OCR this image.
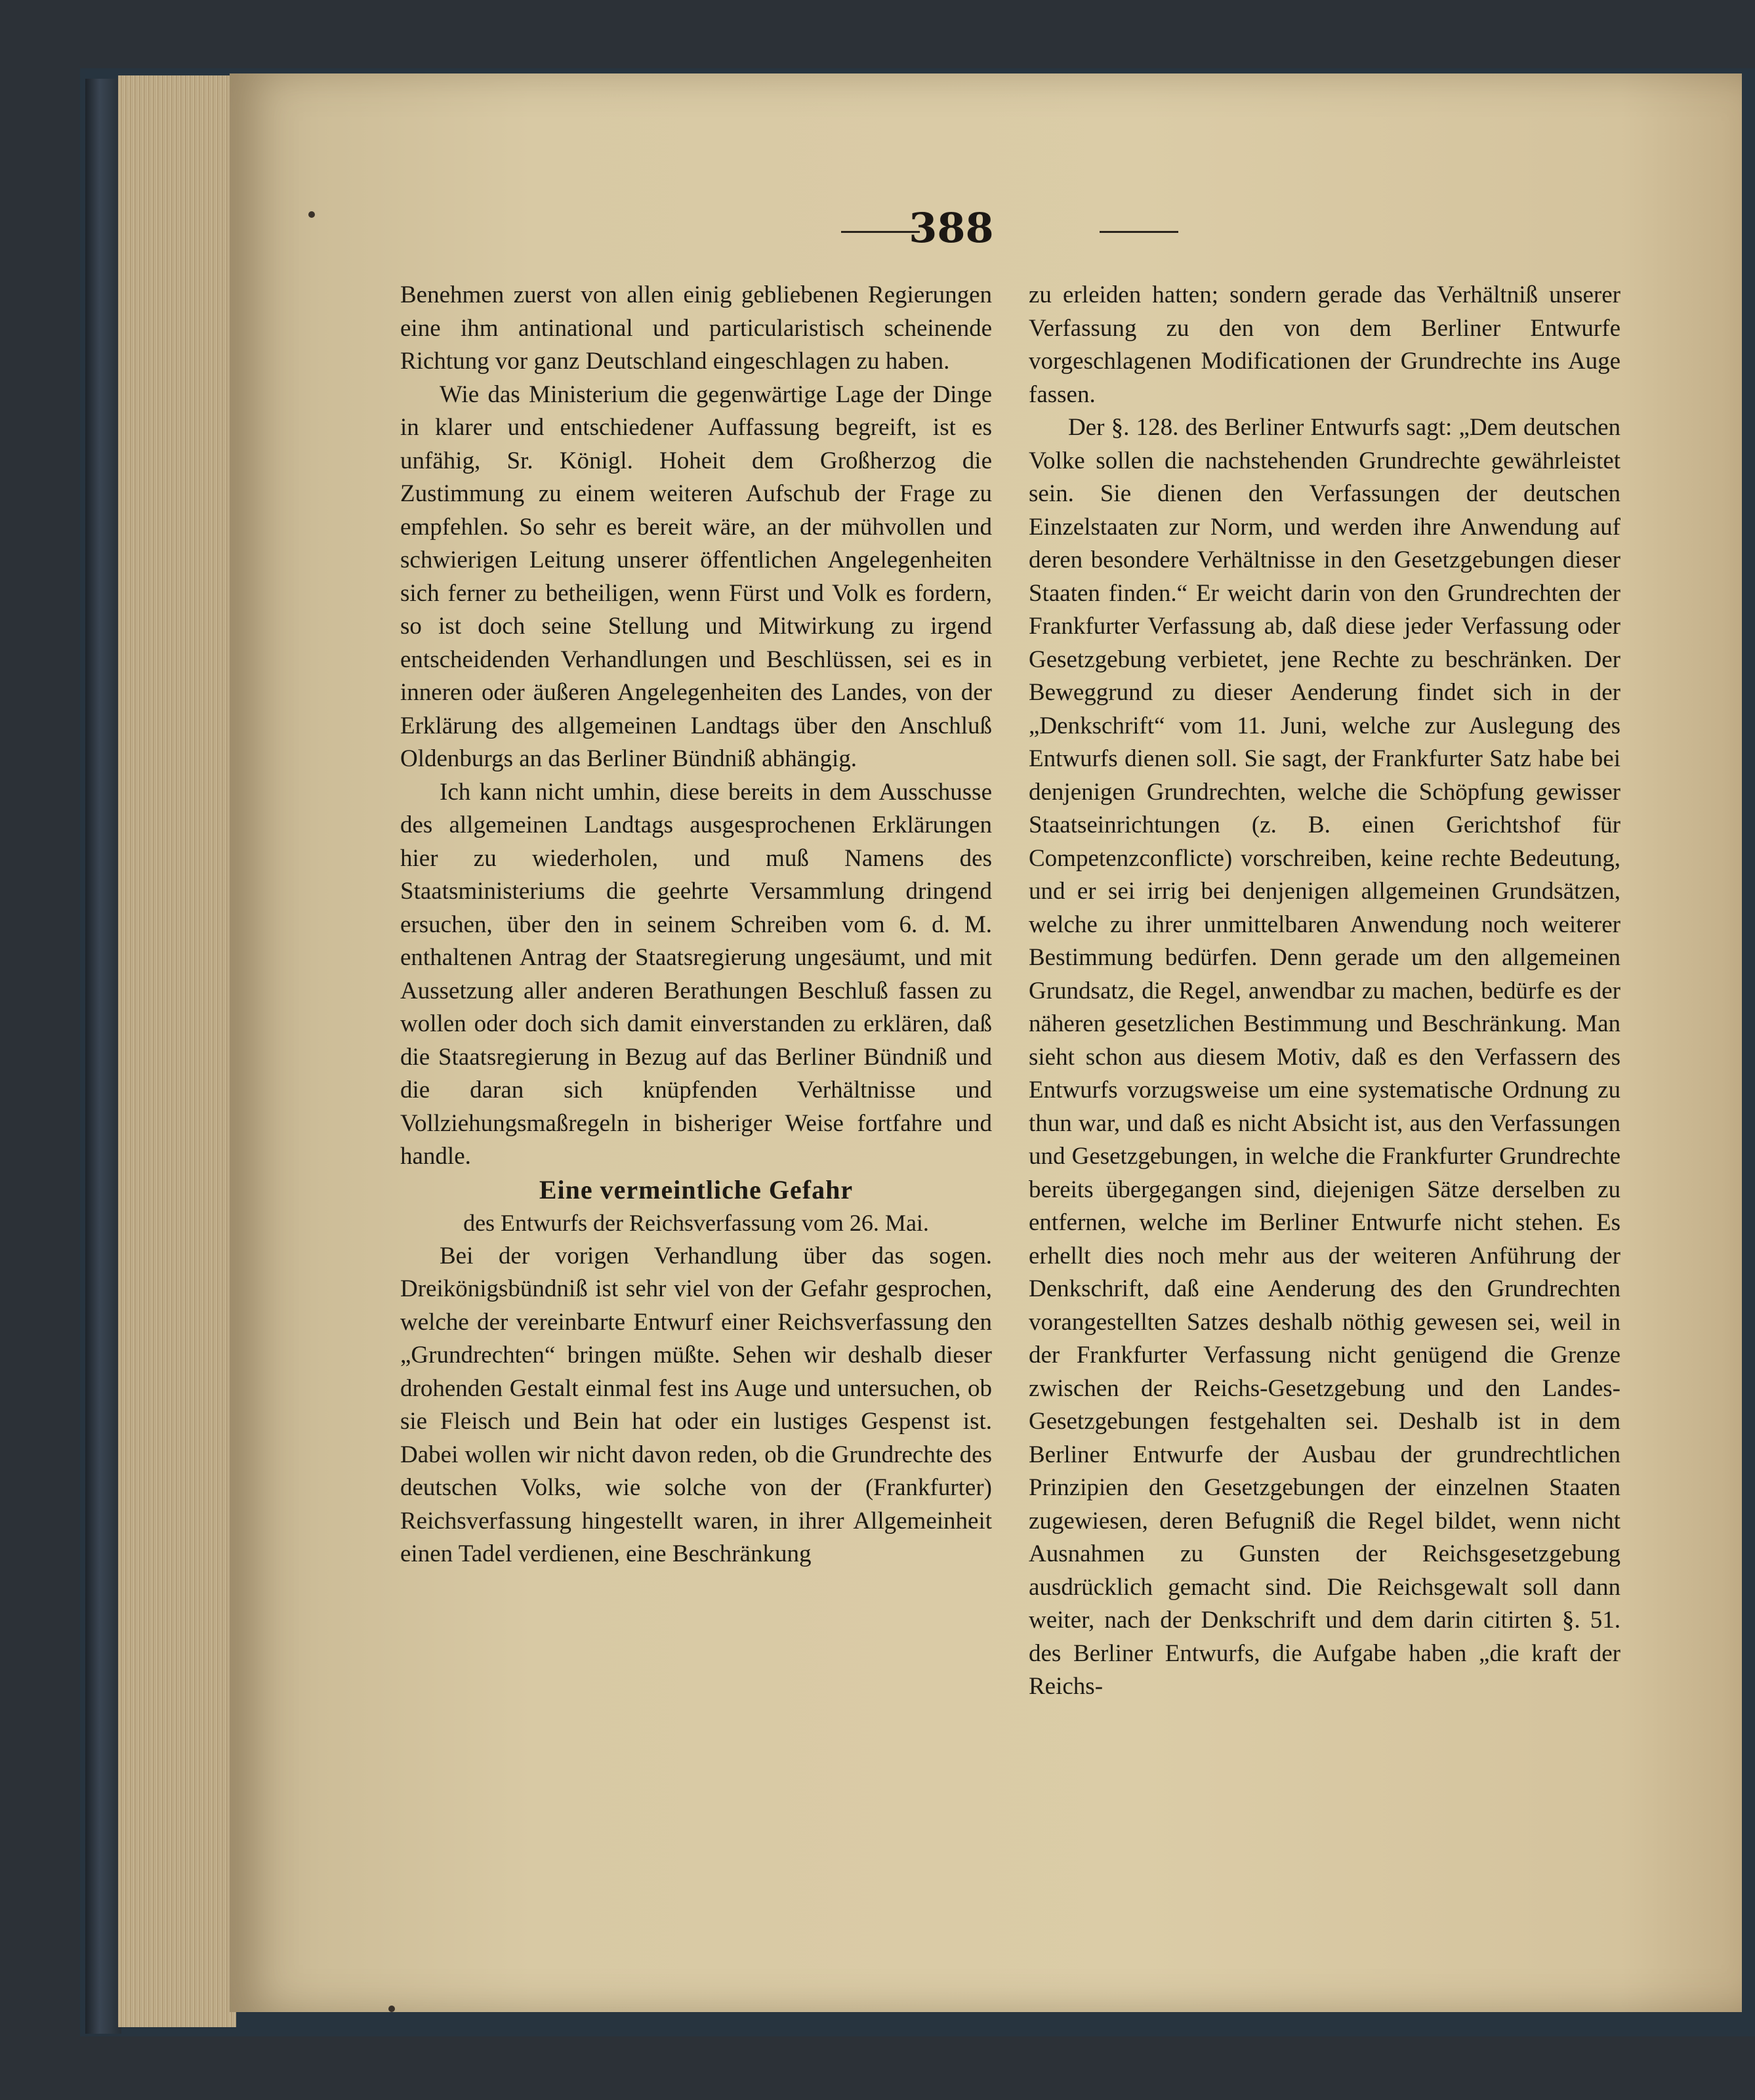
388

Benehmen zuerst von allen einig gebliebenen Regierungen eine ihm antinational und particularistisch scheinende Richtung vor ganz Deutschland eingeschlagen zu haben.

Wie das Ministerium die gegenwärtige Lage der Dinge in klarer und entschiedener Auffassung begreift, ist es unfähig, Sr. Königl. Hoheit dem Großherzog die Zustimmung zu einem weiteren Aufschub der Frage zu empfehlen. So sehr es bereit wäre, an der mühvollen und schwierigen Leitung unserer öffentlichen Angelegenheiten sich ferner zu betheiligen, wenn Fürst und Volk es fordern, so ist doch seine Stellung und Mitwirkung zu irgend entscheidenden Verhandlungen und Beschlüssen, sei es in inneren oder äußeren Angelegenheiten des Landes, von der Erklärung des allgemeinen Landtags über den Anschluß Oldenburgs an das Berliner Bündniß abhängig.

Ich kann nicht umhin, diese bereits in dem Ausschusse des allgemeinen Landtags ausgesprochenen Erklärungen hier zu wiederholen, und muß Namens des Staatsministeriums die geehrte Versammlung dringend ersuchen, über den in seinem Schreiben vom 6. d. M. enthaltenen Antrag der Staatsregierung ungesäumt, und mit Aussetzung aller anderen Berathungen Beschluß fassen zu wollen oder doch sich damit einverstanden zu erklären, daß die Staatsregierung in Bezug auf das Berliner Bündniß und die daran sich knüpfenden Verhältnisse und Vollziehungsmaßregeln in bisheriger Weise fortfahre und handle.

Eine vermeintliche Gefahr

des Entwurfs der Reichsverfassung vom 26. Mai.

Bei der vorigen Verhandlung über das sogen. Dreikönigsbündniß ist sehr viel von der Gefahr gesprochen, welche der vereinbarte Entwurf einer Reichsverfassung den „Grundrechten“ bringen müßte. Sehen wir deshalb dieser drohenden Gestalt einmal fest ins Auge und untersuchen, ob sie Fleisch und Bein hat oder ein lustiges Gespenst ist. Dabei wollen wir nicht davon reden, ob die Grundrechte des deutschen Volks, wie solche von der (Frankfurter) Reichsverfassung hingestellt waren, in ihrer Allgemeinheit einen Tadel verdienen, eine Beschränkung

zu erleiden hatten; sondern gerade das Verhältniß unserer Verfassung zu den von dem Berliner Entwurfe vorgeschlagenen Modificationen der Grundrechte ins Auge fassen.

Der §. 128. des Berliner Entwurfs sagt: „Dem deutschen Volke sollen die nachstehenden Grundrechte gewährleistet sein. Sie dienen den Verfassungen der deutschen Einzelstaaten zur Norm, und werden ihre Anwendung auf deren besondere Verhältnisse in den Gesetzgebungen dieser Staaten finden.“ Er weicht darin von den Grundrechten der Frankfurter Verfassung ab, daß diese jeder Verfassung oder Gesetzgebung verbietet, jene Rechte zu beschränken. Der Beweggrund zu dieser Aenderung findet sich in der „Denkschrift“ vom 11. Juni, welche zur Auslegung des Entwurfs dienen soll. Sie sagt, der Frankfurter Satz habe bei denjenigen Grundrechten, welche die Schöpfung gewisser Staatseinrichtungen (z. B. einen Gerichtshof für Competenzconflicte) vorschreiben, keine rechte Bedeutung, und er sei irrig bei denjenigen allgemeinen Grundsätzen, welche zu ihrer unmittelbaren Anwendung noch weiterer Bestimmung bedürfen. Denn gerade um den allgemeinen Grundsatz, die Regel, anwendbar zu machen, bedürfe es der näheren gesetzlichen Bestimmung und Beschränkung. Man sieht schon aus diesem Motiv, daß es den Verfassern des Entwurfs vorzugsweise um eine systematische Ordnung zu thun war, und daß es nicht Absicht ist, aus den Verfassungen und Gesetzgebungen, in welche die Frankfurter Grundrechte bereits übergegangen sind, diejenigen Sätze derselben zu entfernen, welche im Berliner Entwurfe nicht stehen. Es erhellt dies noch mehr aus der weiteren Anführung der Denkschrift, daß eine Aenderung des den Grundrechten vorangestellten Satzes deshalb nöthig gewesen sei, weil in der Frankfurter Verfassung nicht genügend die Grenze zwischen der Reichs-Gesetzgebung und den Landes-Gesetzgebungen festgehalten sei. Deshalb ist in dem Berliner Entwurfe der Ausbau der grundrechtlichen Prinzipien den Gesetzgebungen der einzelnen Staaten zugewiesen, deren Befugniß die Regel bildet, wenn nicht Ausnahmen zu Gunsten der Reichsgesetzgebung ausdrücklich gemacht sind. Die Reichsgewalt soll dann weiter, nach der Denkschrift und dem darin citirten §. 51. des Berliner Entwurfs, die Aufgabe haben „die kraft der Reichs-
